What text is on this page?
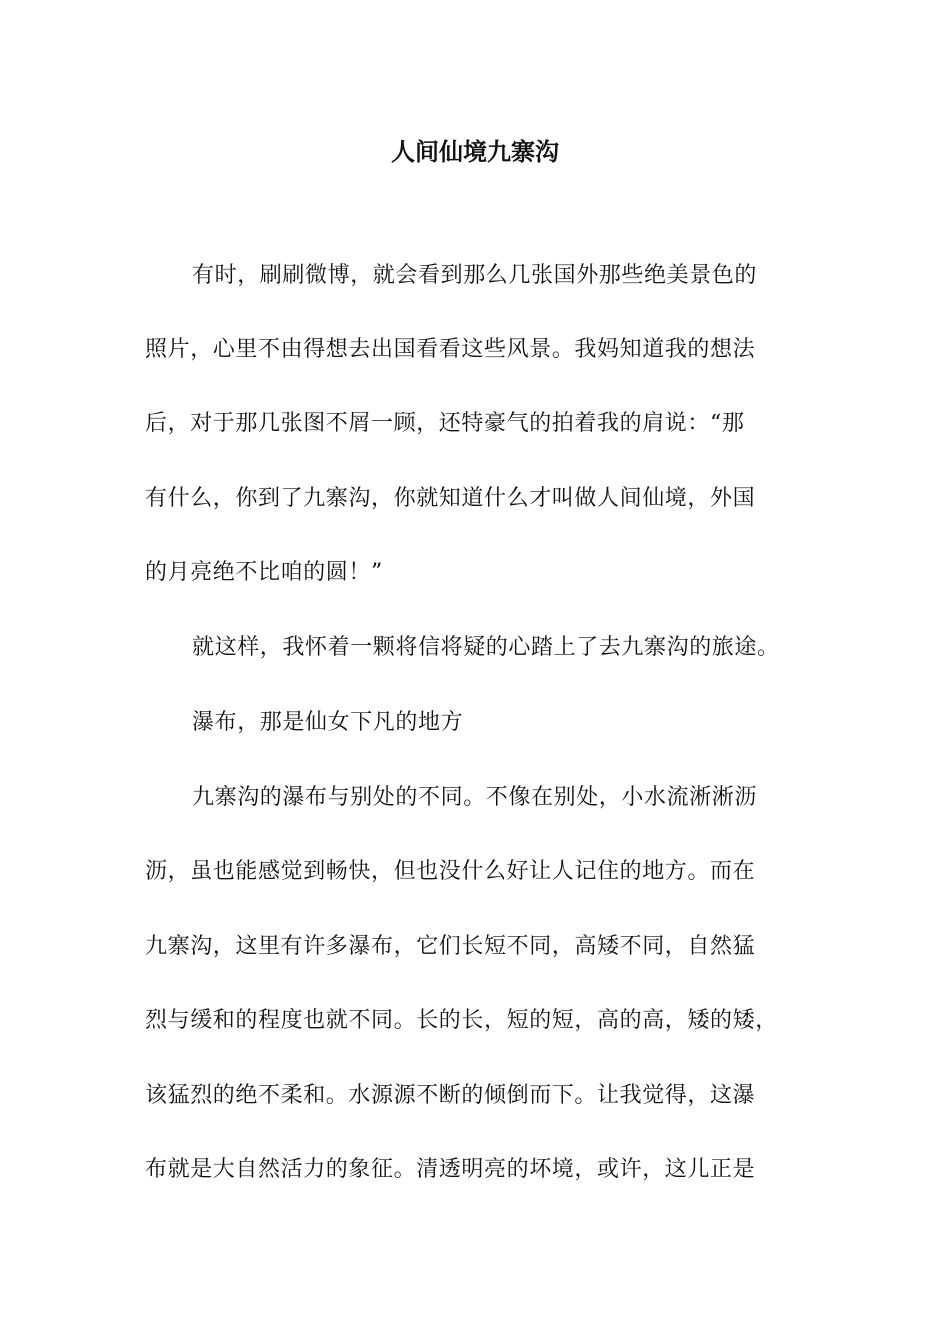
人间仙境九寨沟
有时，刷刷微博，就会看到那么几张国外那些绝美景色的
照片，心里不由得想去出国看看这些风景。我妈知道我的想法
后，对于那几张图不屑一顾，还特豪气的拍着我的肩说：“那
有什么，你到了九寨沟，你就知道什么才叫做人间仙境，外国
的月亮绝不比咱的圆！”
就这样，我怀着一颗将信将疑的心踏上了去九寨沟的旅途。
瀑布，那是仙女下凡的地方
九寨沟的瀑布与别处的不同。不像在别处，小水流淅淅沥
沥，虽也能感觉到畅快，但也没什么好让人记住的地方。而在
九寨沟，这里有许多瀑布，它们长短不同，高矮不同，自然猛
烈与缓和的程度也就不同。长的长，短的短，高的高，矮的矮，
该猛烈的绝不柔和。水源源不断的倾倒而下。让我觉得，这瀑
布就是大自然活力的象征。清透明亮的坏境，或许，这儿正是
